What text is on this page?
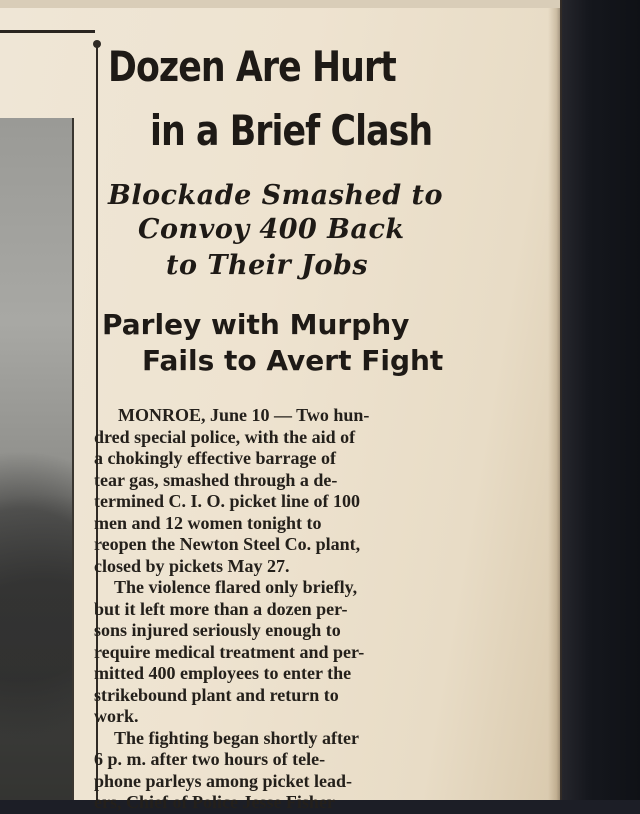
Dozen Are Hurt
in a Brief Clash
Blockade Smashed to
Convoy 400 Back
to Their Jobs
Parley with Murphy
Fails to Avert Fight
MONROE, June 10 — Two hun-
dred special police, with the aid of
a chokingly effective barrage of
tear gas, smashed through a de-
termined C. I. O. picket line of 100
men and 12 women tonight to
reopen the Newton Steel Co. plant,
closed by pickets May 27.
The violence flared only briefly,
but it left more than a dozen per-
sons injured seriously enough to
require medical treatment and per-
mitted 400 employees to enter the
strikebound plant and return to
work.
The fighting began shortly after
6 p. m. after two hours of tele-
phone parleys among picket lead-
ers, Chief of Police Jesse Fisher
